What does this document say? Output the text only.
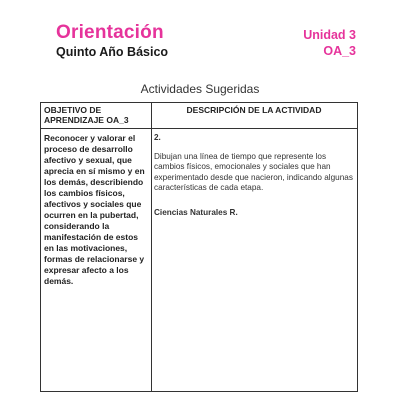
Orientación
Quinto Año Básico
Unidad 3
OA_3
Actividades Sugeridas
OBJETIVO DE APRENDIZAJE OA_3
DESCRIPCIÓN DE LA ACTIVIDAD
Reconocer y valorar el proceso de desarrollo afectivo y sexual, que aprecia en sí mismo y en los demás, describiendo los cambios físicos, afectivos y sociales que ocurren en la pubertad, considerando la manifestación de estos en las motivaciones, formas de relacionarse y expresar afecto a los demás.
2.
Dibujan una línea de tiempo que represente los cambios físicos, emocionales y sociales que han experimentado desde que nacieron, indicando algunas características de cada etapa.
Ciencias Naturales R.
